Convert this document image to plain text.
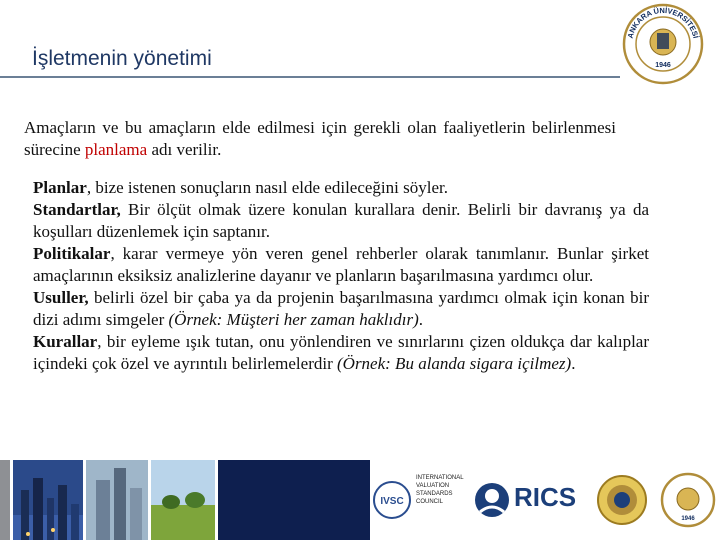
İşletmenin yönetimi
ANKARA ÜNİVERSİTESİ
1946
Amaçların ve bu amaçların elde edilmesi için gerekli olan faaliyetlerin belirlenmesi sürecine planlama adı verilir.

Planlar, bize istenen sonuçların nasıl elde edileceğini söyler.

Standartlar, Bir ölçüt olmak üzere konulan kurallara denir. Belirli bir davranış ya da koşulları düzenlemek için saptanır.

Politikalar, karar vermeye yön veren genel rehberler olarak tanımlanır. Bunlar şirket amaçlarının eksiksiz analizlerine dayanır ve planların başarılmasına yardımcı olur.

Usuller, belirli özel bir çaba ya da projenin başarılmasına yardımcı olmak için konan bir dizi adımı simgeler (Örnek: Müşteri her zaman haklıdır).

Kurallar, bir eyleme ışık tutan, onu yönlendiren ve sınırlarını çizen oldukça dar kalıplar içindeki çok özel ve ayrıntılı belirlemelerdir (Örnek: Bu alanda sigara içilmez).

IVSC
INTERNATIONAL VALUATION STANDARDS COUNCIL	RICS
1946
